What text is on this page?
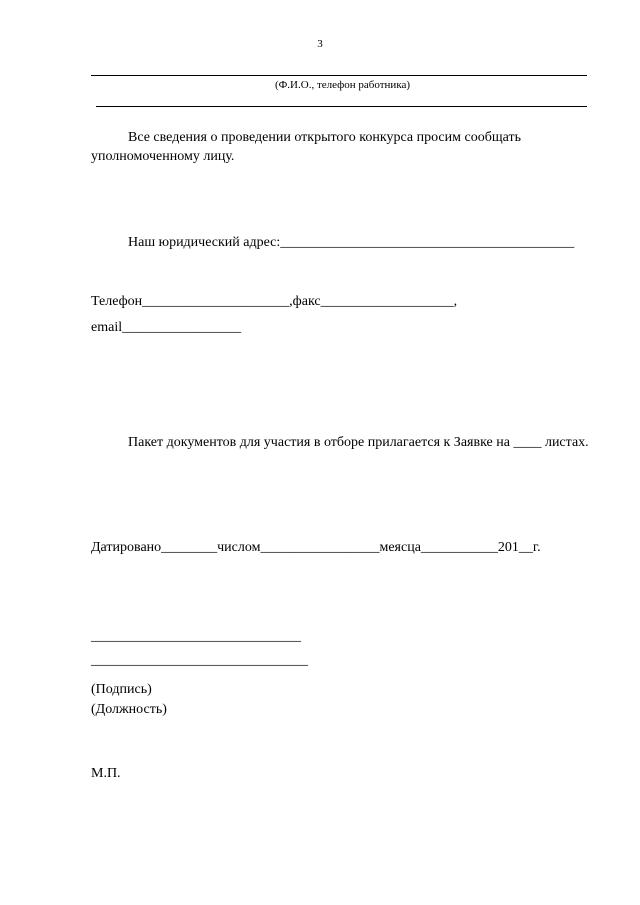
3
(Ф.И.О., телефон работника)
Все сведения о проведении открытого конкурса просим сообщать уполномоченному лицу.
Наш юридический адрес:__________________________________________
Телефон_____________________,факс___________________,
email_________________
Пакет документов для участия в отборе прилагается к Заявке на ____ листах.
Датировано________числом_________________меясца___________201__г.
______________________________
_______________________________
(Подпись)
(Должность)
М.П.
